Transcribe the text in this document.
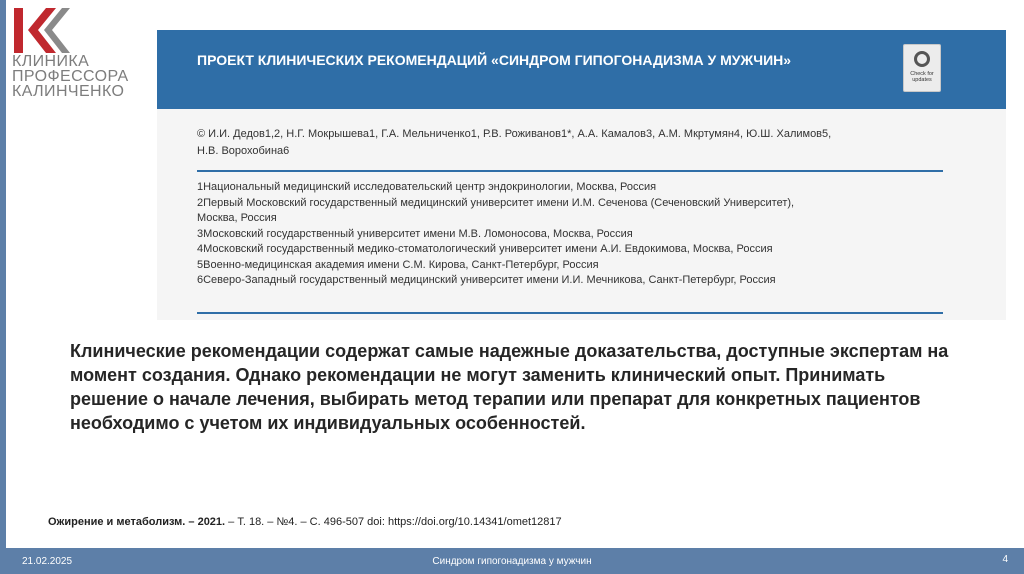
КЛИНИКА
ПРОФЕССОРА
КАЛИНЧЕНКО
ПРОЕКТ КЛИНИЧЕСКИХ РЕКОМЕНДАЦИЙ «СИНДРОМ ГИПОГОНАДИЗМА У МУЖЧИН»
Check for updates
© И.И. Дедов1,2, Н.Г. Мокрышева1, Г.А. Мельниченко1, Р.В. Роживанов1*, А.А. Камалов3, А.М. Мкртумян4, Ю.Ш. Халимов5,
Н.В. Ворохобина6
1Национальный медицинский исследовательский центр эндокринологии, Москва, Россия
2Первый Московский государственный медицинский университет имени И.М. Сеченова (Сеченовский Университет),
Москва, Россия
3Московский государственный университет имени М.В. Ломоносова, Москва, Россия
4Московский государственный медико-стоматологический университет имени А.И. Евдокимова, Москва, Россия
5Военно-медицинская академия имени С.М. Кирова, Санкт-Петербург, Россия
6Северо-Западный государственный медицинский университет имени И.И. Мечникова, Санкт-Петербург, Россия
Клинические рекомендации содержат самые надежные доказательства, доступные экспертам на момент создания. Однако рекомендации не могут заменить клинический опыт. Принимать решение о начале лечения, выбирать метод терапии или препарат для конкретных пациентов необходимо с учетом их индивидуальных особенностей.
Ожирение и метаболизм. – 2021. – Т. 18. – №4. – С. 496-507 doi: https://doi.org/10.14341/omet12817
21.02.2025	Синдром гипогонадизма у мужчин	4
